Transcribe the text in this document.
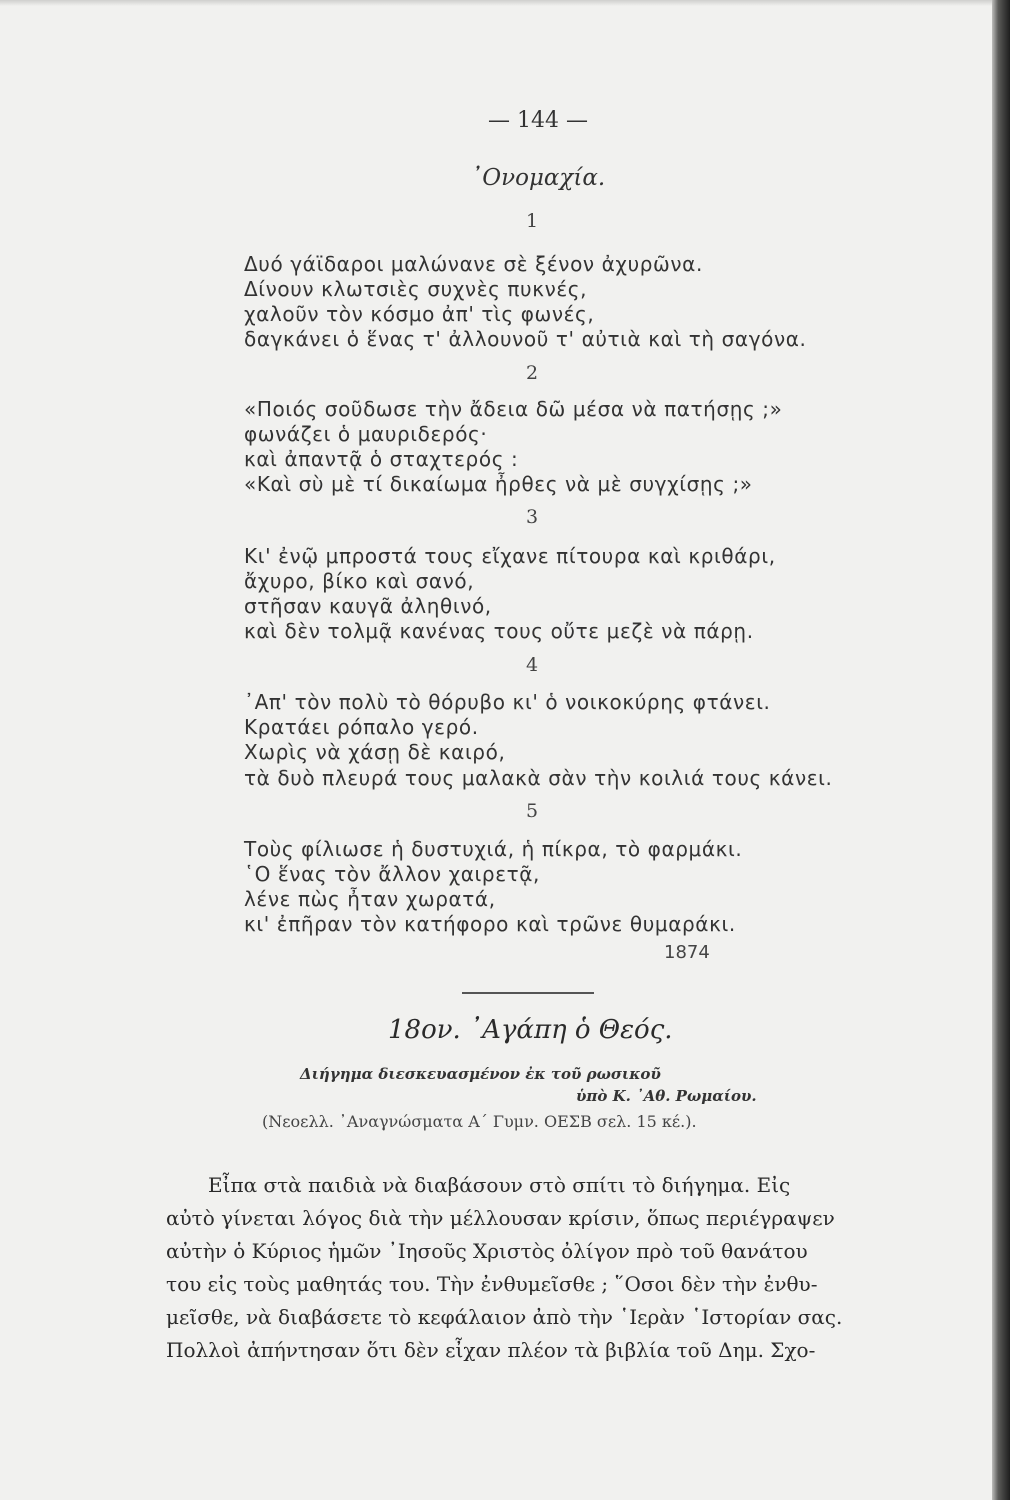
— 144 —
᾿Ονομαχία.
1
Δυό γάϊδαροι μαλώνανε σὲ ξένον ἀχυρῶνα.
Δίνουν κλωτσιὲς συχνὲς πυκνές,
χαλοῦν τὸν κόσμο ἀπ' τὶς φωνές,
δαγκάνει ὁ ἕνας τ' ἀλλουνοῦ τ' αὐτιὰ καὶ τὴ σαγόνα.
2
«Ποιός σοῦδωσε τὴν ἄδεια δῶ μέσα νὰ πατήσῃς ;»
φωνάζει ὁ μαυριδερός·
καὶ ἀπαντᾷ ὁ σταχτερός :
«Καὶ σὺ μὲ τί δικαίωμα ἦρθες νὰ μὲ συγχίσῃς ;»
3
Κι' ἐνῷ μπροστά τους εἴχανε πίτουρα καὶ κριθάρι,
ἄχυρο, βίκο καὶ σανό,
στῆσαν καυγᾶ ἀληθινό,
καὶ δὲν τολμᾷ κανένας τους οὔτε μεζὲ νὰ πάρῃ.
4
᾿Απ' τὸν πολὺ τὸ θόρυβο κι' ὁ νοικοκύρης φτάνει.
Κρατάει ρόπαλο γερό.
Χωρὶς νὰ χάσῃ δὲ καιρό,
τὰ δυὸ πλευρά τους μαλακὰ σὰν τὴν κοιλιά τους κάνει.
5
Τοὺς φίλιωσε ἡ δυστυχιά, ἡ πίκρα, τὸ φαρμάκι.
῾Ο ἕνας τὸν ἄλλον χαιρετᾷ,
λένε πὼς ἦταν χωρατά,
κι' ἐπῆραν τὸν κατήφορο καὶ τρῶνε θυμαράκι.
1874
18ον. ᾿Αγάπη ὁ Θεός.
Διήγημα διεσκευασμένον ἐκ τοῦ ρωσικοῦ
ὑπὸ Κ. ᾿Αθ. Ρωμαίου.
(Νεοελλ. ᾿Αναγνώσματα Α΄ Γυμν. ΟΕΣΒ σελ. 15 κέ.).
Εἶπα στὰ παιδιὰ νὰ διαβάσουν στὸ σπίτι τὸ διήγημα. Εἰς
αὐτὸ γίνεται λόγος διὰ τὴν μέλλουσαν κρίσιν, ὅπως περιέγραψεν
αὐτὴν ὁ Κύριος ἡμῶν ᾿Ιησοῦς Χριστὸς ὀλίγον πρὸ τοῦ θανάτου
του εἰς τοὺς μαθητάς του. Τὴν ἐνθυμεῖσθε ; ῞Οσοι δὲν τὴν ἐνθυ-
μεῖσθε, νὰ διαβάσετε τὸ κεφάλαιον ἀπὸ τὴν ῾Ιερὰν ῾Ιστορίαν σας.
Πολλοὶ ἀπήντησαν ὅτι δὲν εἶχαν πλέον τὰ βιβλία τοῦ Δημ. Σχο-
